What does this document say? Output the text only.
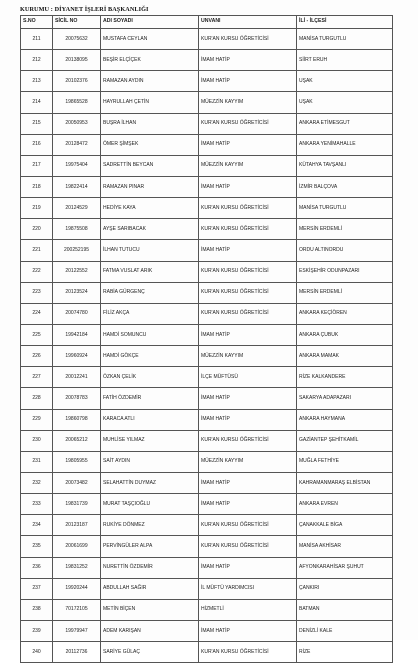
KURUMU : DİYANET İŞLERİ BAŞKANLIĞI
S.NO	SİCİL NO	ADI SOYADI	UNVANI	İLİ - İLÇESİ
211	20075632	MUSTAFA CEYLAN	KUR'AN KURSU ÖĞRETİCİSİ	MANİSA TURGUTLU
212	20138095	BEŞİR ELÇİÇEK	İMAM HATİP	SİİRT ERUH
213	20102376	RAMAZAN AYDIN	İMAM HATİP	UŞAK
214	19865528	HAYRULLAH ÇETİN	MÜEZZİN KAYYIM	UŞAK
215	20050953	BUŞRA İLHAN	KUR'AN KURSU ÖĞRETİCİSİ	ANKARA ETİMESGUT
216	20128472	ÖMER ŞİMŞEK	İMAM HATİP	ANKARA YENİMAHALLE
217	19975404	SADRETTİN BEYCAN	MÜEZZİN KAYYIM	KÜTAHYA TAVŞANLI
218	19822414	RAMAZAN PINAR	İMAM HATİP	İZMİR BALÇOVA
219	20124529	HEDİYE KAYA	KUR'AN KURSU ÖĞRETİCİSİ	MANİSA TURGUTLU
220	19875508	AYŞE SARIBACAK	KUR'AN KURSU ÖĞRETİCİSİ	MERSİN ERDEMLİ
221	200252195	İLHAN TUTUCU	İMAM HATİP	ORDU ALTINORDU
222	20122552	FATMA VUSLAT ARIK	KUR'AN KURSU ÖĞRETİCİSİ	ESKİŞEHİR ODUNPAZARI
223	20123524	RABİA GÜRGENÇ	KUR'AN KURSU ÖĞRETİCİSİ	MERSİN ERDEMLİ
224	20074780	FİLİZ AKÇA	KUR'AN KURSU ÖĞRETİCİSİ	ANKARA KEÇİÖREN
225	19942184	HAMDİ SOMUNCU	İMAM HATİP	ANKARA ÇUBUK
226	19960924	HAMDİ GÖKÇE	MÜEZZİN KAYYIM	ANKARA MAMAK
227	20012241	ÖZKAN ÇELİK	İLÇE MÜFTÜSÜ	RİZE KALKANDERE
228	20078783	FATİH ÖZDEMİR	İMAM HATİP	SAKARYA ADAPAZARI
229	19860798	KARACA ATLI	İMAM HATİP	ANKARA HAYMANA
230	20065212	MUHLİSE YILMAZ	KUR'AN KURSU ÖĞRETİCİSİ	GAZİANTEP ŞEHİTKAMİL
231	19805955	SAİT AYDIN	MÜEZZİN KAYYIM	MUĞLA FETHİYE
232	20073482	SELAHATTİN DUYMAZ	İMAM HATİP	KAHRAMANMARAŞ ELBİSTAN
233	19831739	MURAT TAŞÇIOĞLU	İMAM HATİP	ANKARA EVREN
234	20123187	RUKİYE DÖNMEZ	KUR'AN KURSU ÖĞRETİCİSİ	ÇANAKKALE BİGA
235	20061699	PERVİNGÜLER ALPA	KUR'AN KURSU ÖĞRETİCİSİ	MANİSA AKHİSAR
236	19831252	NURETTİN ÖZDEMİR	İMAM HATİP	AFYONKARAHİSAR ŞUHUT
237	19920244	ABDULLAH SAĞIR	İL MÜFTÜ YARDIMCISI	ÇANKIRI
238	70172105	METİN BİÇEN	HİZMETLİ	BATMAN
239	19979947	ADEM KARIŞAN	İMAM HATİP	DENİZLİ KALE
240	20112736	SARİYE GÜLAÇ	KUR'AN KURSU ÖĞRETİCİSİ	RİZE
